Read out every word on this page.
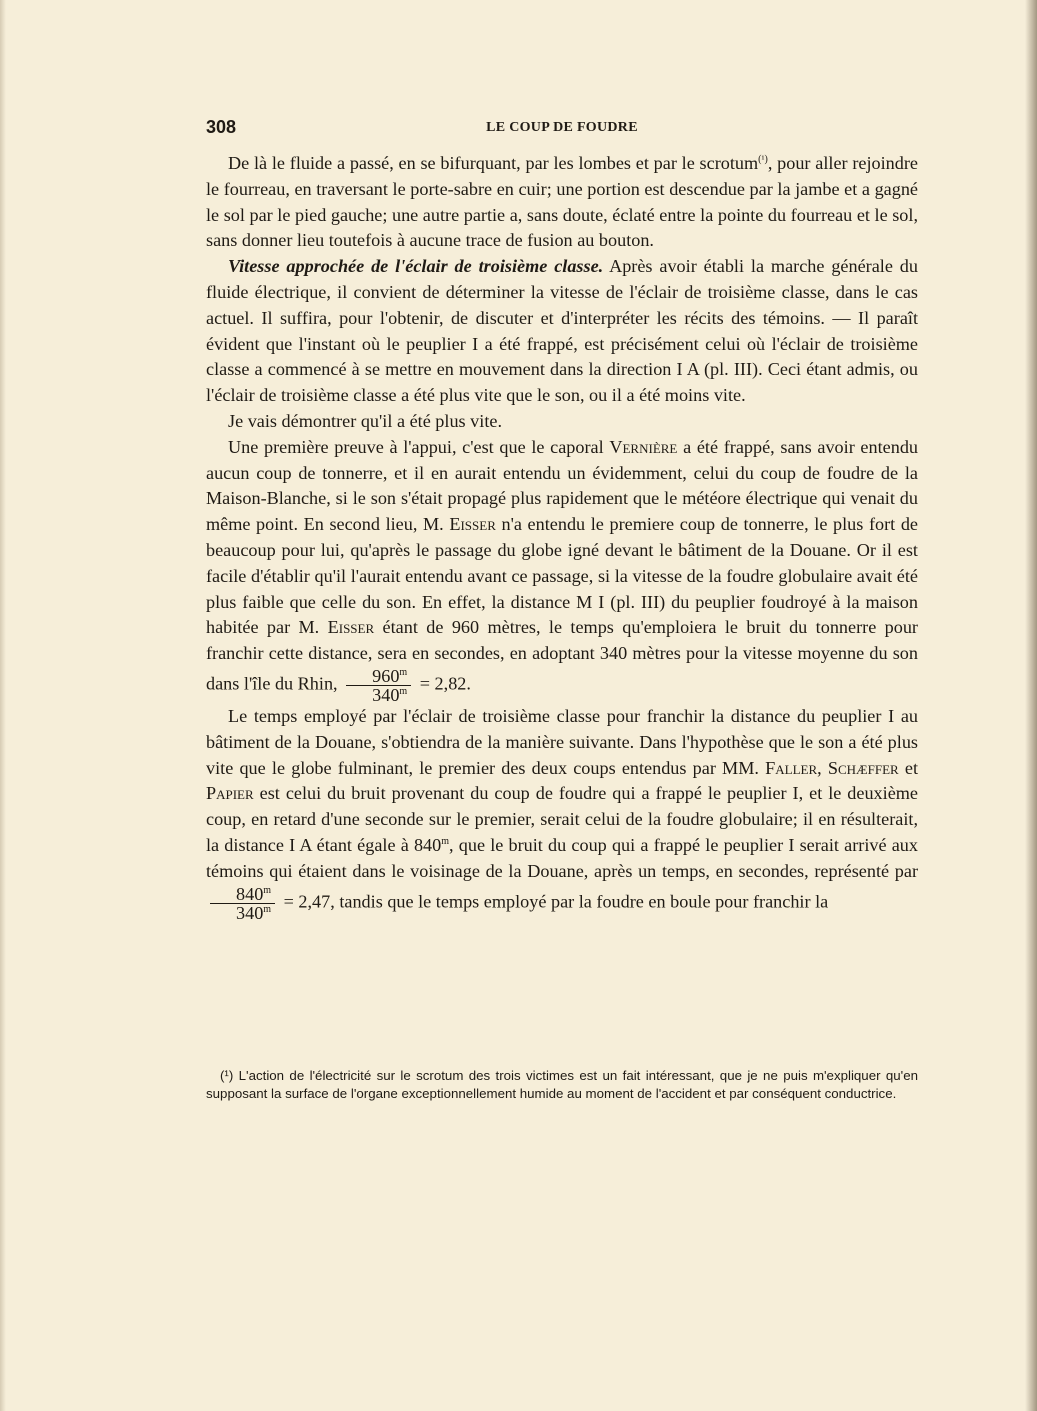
308	LE COUP DE FOUDRE

De là le fluide a passé, en se bifurquant, par les lombes et par le scrotum$^{(^1)}$, pour aller rejoindre le fourreau, en traversant le porte-sabre en cuir; une portion est descendue par la jambe et a gagné le sol par le pied gauche; une autre partie a, sans doute, éclaté entre la pointe du fourreau et le sol, sans donner lieu toutefois à aucune trace de fusion au bouton.

Vitesse approchée de l'éclair de troisième classe. Après avoir établi la marche générale du fluide électrique, il convient de déterminer la vitesse de l'éclair de troisième classe, dans le cas actuel. Il suffira, pour l'obtenir, de discuter et d'interpréter les récits des témoins. — Il paraît évident que l'instant où le peuplier I a été frappé, est précisément celui où l'éclair de troisième classe a commencé à se mettre en mouvement dans la direction I A (pl. III). Ceci étant admis, ou l'éclair de troisième classe a été plus vite que le son, ou il a été moins vite.

Je vais démontrer qu'il a été plus vite.

Une première preuve à l'appui, c'est que le caporal Vernière a été frappé, sans avoir entendu aucun coup de tonnerre, et il en aurait entendu un évidemment, celui du coup de foudre de la Maison-Blanche, si le son s'était propagé plus rapidement que le météore électrique qui venait du même point. En second lieu, M. Eisser n'a entendu le premiere coup de tonnerre, le plus fort de beaucoup pour lui, qu'après le passage du globe igné devant le bâtiment de la Douane. Or il est facile d'établir qu'il l'aurait entendu avant ce passage, si la vitesse de la foudre globulaire avait été plus faible que celle du son. En effet, la distance M I (pl. III) du peuplier foudroyé à la maison habitée par M. Eisser étant de 960 mètres, le temps qu'emploiera le bruit du tonnerre pour franchir cette distance, sera en secondes, en adoptant 340 mètres pour la vitesse moyenne du son dans l'île du Rhin, $\frac{960^m}{340^m} = 2,82$.

Le temps employé par l'éclair de troisième classe pour franchir la distance du peuplier I au bâtiment de la Douane, s'obtiendra de la manière suivante. Dans l'hypothèse que le son a été plus vite que le globe fulminant, le premier des deux coups entendus par MM. Faller, Schæffer et Papier est celui du bruit provenant du coup de foudre qui a frappé le peuplier I, et le deuxième coup, en retard d'une seconde sur le premier, serait celui de la foudre globulaire; il en résulterait, la distance I A étant égale à 840$^m$, que le bruit du coup qui a frappé le peuplier I serait arrivé aux témoins qui étaient dans le voisinage de la Douane, après un temps, en secondes, représenté par
$\frac{840^m}{340^m} = 2,47$, tandis que le temps employé par la foudre en boule pour franchir la

(¹) L'action de l'électricité sur le scrotum des trois victimes est un fait intéressant, que je ne puis m'expliquer qu'en supposant la surface de l'organe exceptionnellement humide au moment de l'accident et par conséquent conductrice.
